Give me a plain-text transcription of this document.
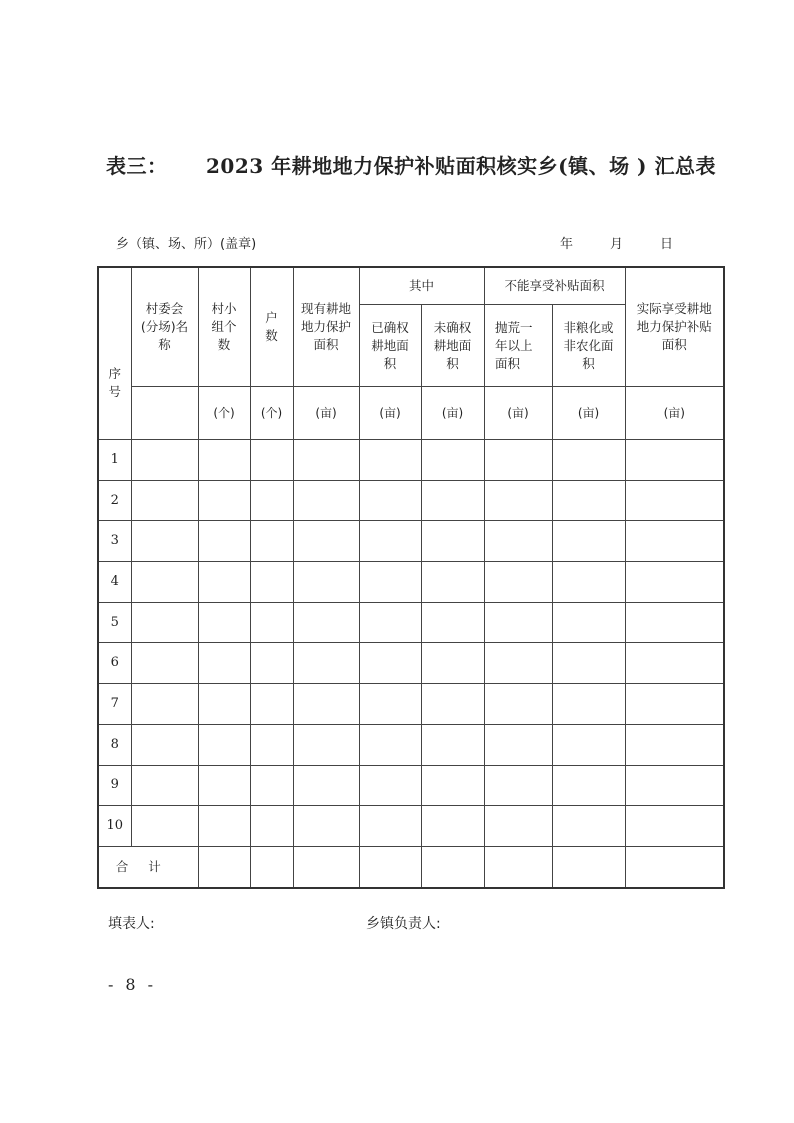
表三： 2023 年耕地地力保护补贴面积核实乡(镇、场 ) 汇总表
乡（镇、场、所）(盖章)	年	月	日
序号	村委会(分场)名称	村小组个数	户数	现有耕地地力保护面积	其中		不能享受补贴面积		实际享受耕地地力保护补贴面积

					已确权耕地面积	未确权耕地面积	抛荒一年以上面积	非粮化或非农化面积	

		(个)	(个)	(亩)	(亩)	(亩)	(亩)	(亩)	(亩)
1									
2									
3									
4									
5									
6									
7									
8									
9									
10									
合计									
填表人:	乡镇负责人:
- 8 -
